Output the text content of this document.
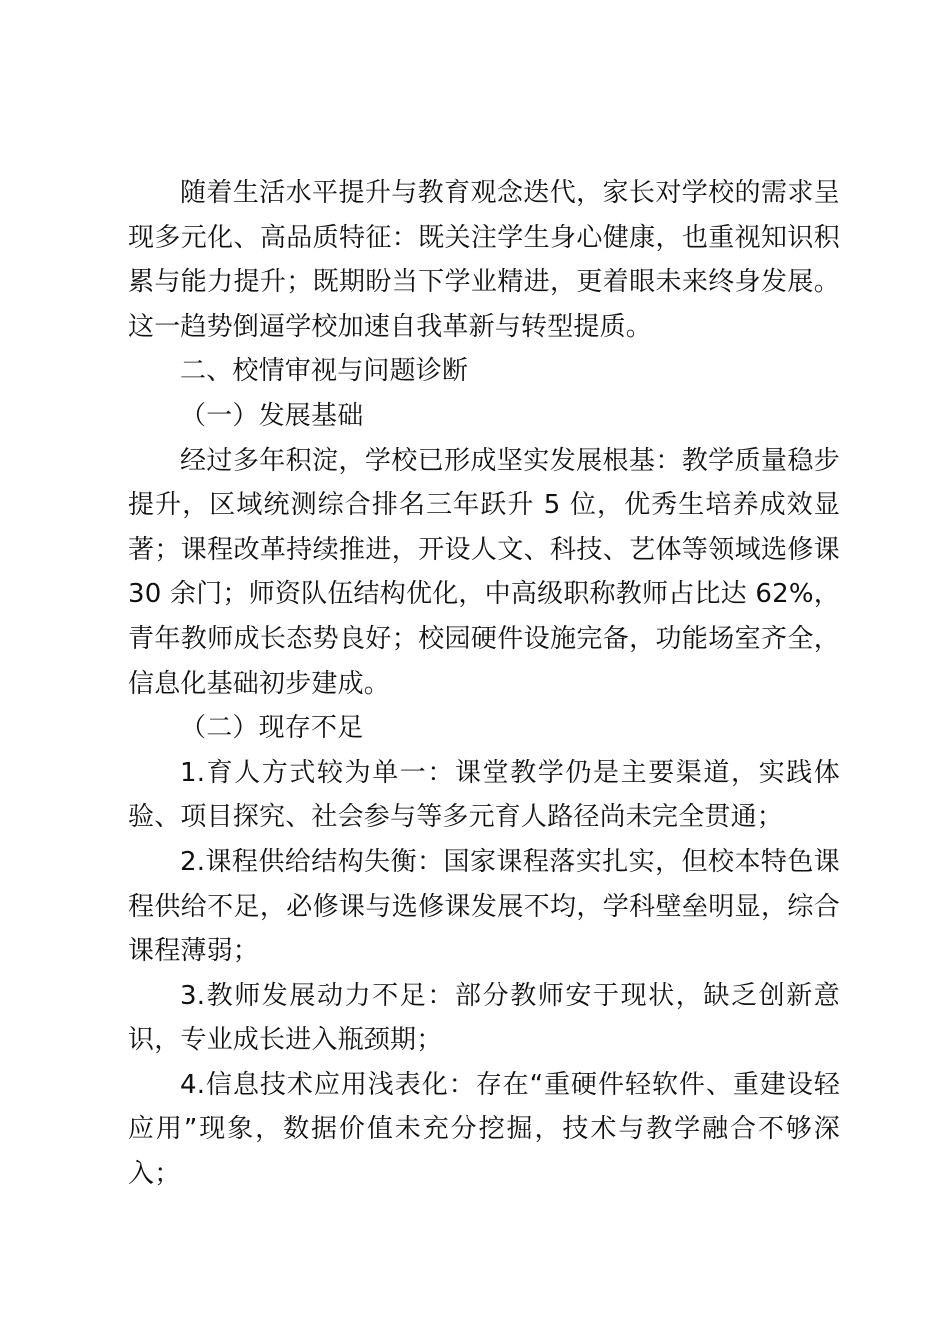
随着生活水平提升与教育观念迭代，家长对学校的需求呈现多元化、高品质特征：既关注学生身心健康，也重视知识积累与能力提升；既期盼当下学业精进，更着眼未来终身发展。这一趋势倒逼学校加速自我革新与转型提质。

二、校情审视与问题诊断

（一）发展基础

经过多年积淀，学校已形成坚实发展根基：教学质量稳步提升，区域统测综合排名三年跃升 5 位，优秀生培养成效显著；课程改革持续推进，开设人文、科技、艺体等领域选修课 30 余门；师资队伍结构优化，中高级职称教师占比达 62%，青年教师成长态势良好；校园硬件设施完备，功能场室齐全，信息化基础初步建成。

（二）现存不足

1.育人方式较为单一：课堂教学仍是主要渠道，实践体验、项目探究、社会参与等多元育人路径尚未完全贯通；

2.课程供给结构失衡：国家课程落实扎实，但校本特色课程供给不足，必修课与选修课发展不均，学科壁垒明显，综合课程薄弱；

3.教师发展动力不足：部分教师安于现状，缺乏创新意识，专业成长进入瓶颈期；

4.信息技术应用浅表化：存在“重硬件轻软件、重建设轻应用”现象，数据价值未充分挖掘，技术与教学融合不够深入；
